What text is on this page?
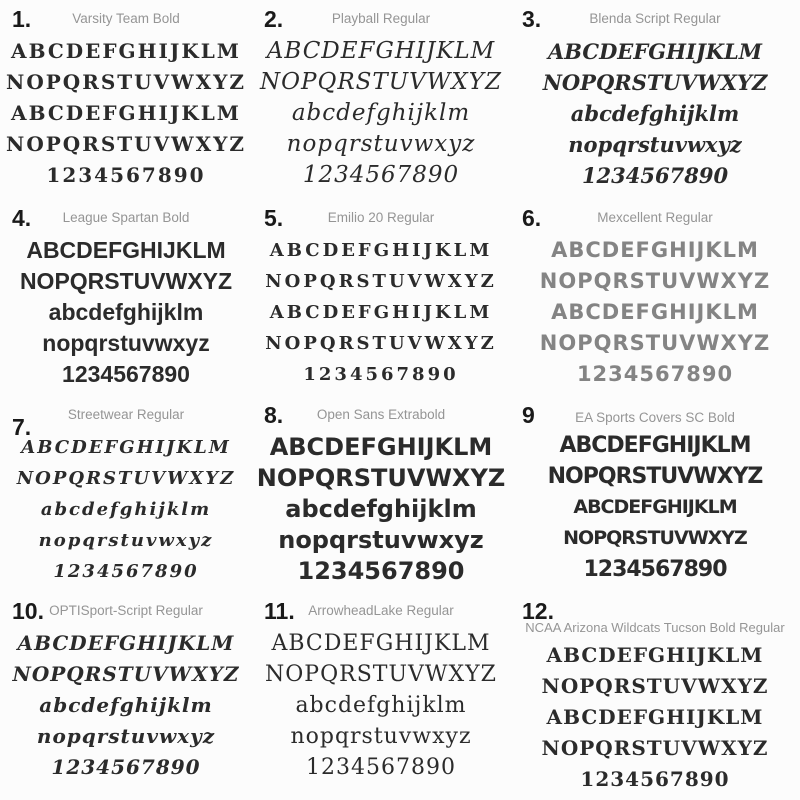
1.	Varsity Team Bold
ABCDEFGHIJKLM
NOPQRSTUVWXYZ
ABCDEFGHIJKLM
NOPQRSTUVWXYZ
1234567890
2.	Playball Regular
ABCDEFGHIJKLM
NOPQRSTUVWXYZ
abcdefghijklm
nopqrstuvwxyz
1234567890
3.	Blenda Script Regular
ABCDEFGHIJKLM
NOPQRSTUVWXYZ
abcdefghijklm
nopqrstuvwxyz
1234567890
4.	League Spartan Bold
ABCDEFGHIJKLM
NOPQRSTUVWXYZ
abcdefghijklm
nopqrstuvwxyz
1234567890
5.	Emilio 20 Regular
ABCDEFGHIJKLM
NOPQRSTUVWXYZ
ABCDEFGHIJKLM
NOPQRSTUVWXYZ
1234567890
6.	Mexcellent Regular
ABCDEFGHIJKLM
NOPQRSTUVWXYZ
ABCDEFGHIJKLM
NOPQRSTUVWXYZ
1234567890
7.	Streetwear Regular
ABCDEFGHIJKLM
NOPQRSTUVWXYZ
abcdefghijklm
nopqrstuvwxyz
1234567890
8.	Open Sans Extrabold
ABCDEFGHIJKLM
NOPQRSTUVWXYZ
abcdefghijklm
nopqrstuvwxyz
1234567890
9	EA Sports Covers SC Bold
ABCDEFGHIJKLM
NOPQRSTUVWXYZ
ABCDEFGHIJKLM
NOPQRSTUVWXYZ
1234567890
10. OPTISport-Script Regular
ABCDEFGHIJKLM
NOPQRSTUVWXYZ
abcdefghijklm
nopqrstuvwxyz
1234567890
11. ArrowheadLake Regular
ABCDEFGHIJKLM
NOPQRSTUVWXYZ
abcdefghijklm
nopqrstuvwxyz
1234567890
12.
NCAA Arizona Wildcats Tucson Bold Regular
ABCDEFGHIJKLM
NOPQRSTUVWXYZ
ABCDEFGHIJKLM
NOPQRSTUVWXYZ
1234567890
